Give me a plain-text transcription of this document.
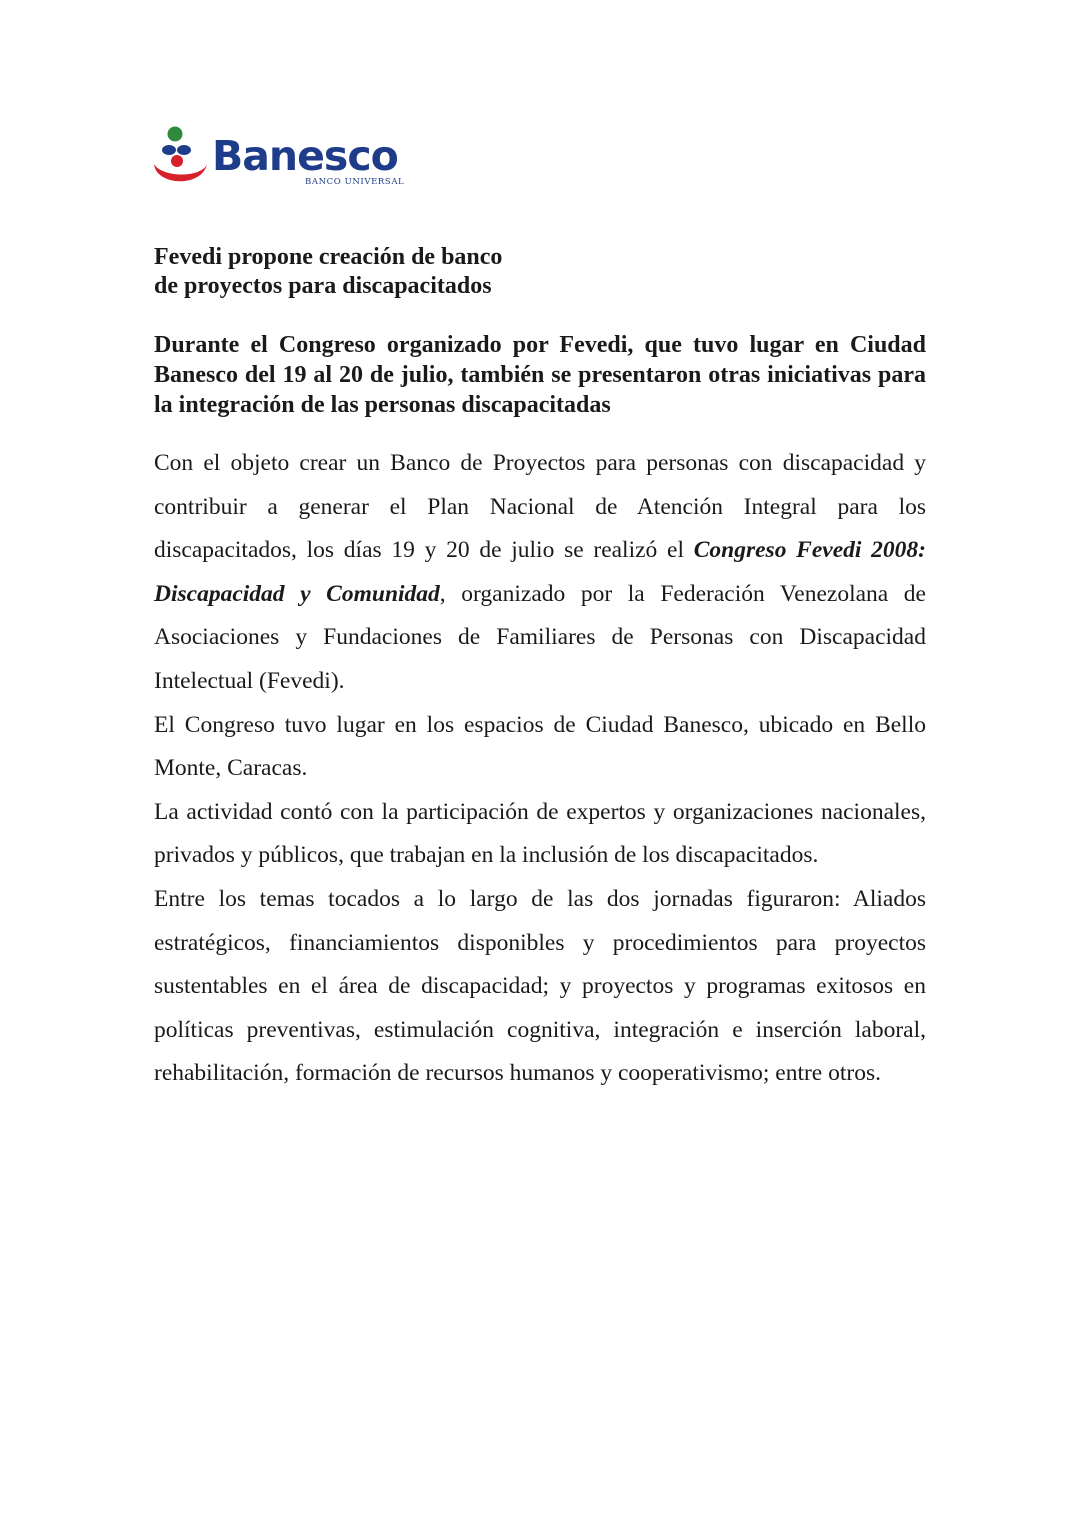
Banesco
BANCO UNIVERSAL
Fevedi propone creación de banco
de proyectos para discapacitados
Durante el Congreso organizado por Fevedi, que tuvo lugar en Ciudad Banesco del 19 al 20 de julio, también se presentaron otras iniciativas para la integración de las personas discapacitadas

Con el objeto crear un Banco de Proyectos para personas con discapacidad y contribuir a generar el Plan Nacional de Atención Integral para los discapacitados, los días 19 y 20 de julio se realizó el Congreso Fevedi 2008: Discapacidad y Comunidad, organizado por la Federación Venezolana de Asociaciones y Fundaciones de Familiares de Personas con Discapacidad Intelectual (Fevedi).

El Congreso tuvo lugar en los espacios de Ciudad Banesco, ubicado en Bello Monte, Caracas.

La actividad contó con la participación de expertos y organizaciones nacionales, privados y públicos, que trabajan en la inclusión de los discapacitados.

Entre los temas tocados a lo largo de las dos jornadas figuraron: Aliados estratégicos, financiamientos disponibles y procedimientos para proyectos sustentables en el área de discapacidad; y proyectos y programas exitosos en políticas preventivas, estimulación cognitiva, integración e inserción laboral, rehabilitación, formación de recursos humanos y cooperativismo; entre otros.
